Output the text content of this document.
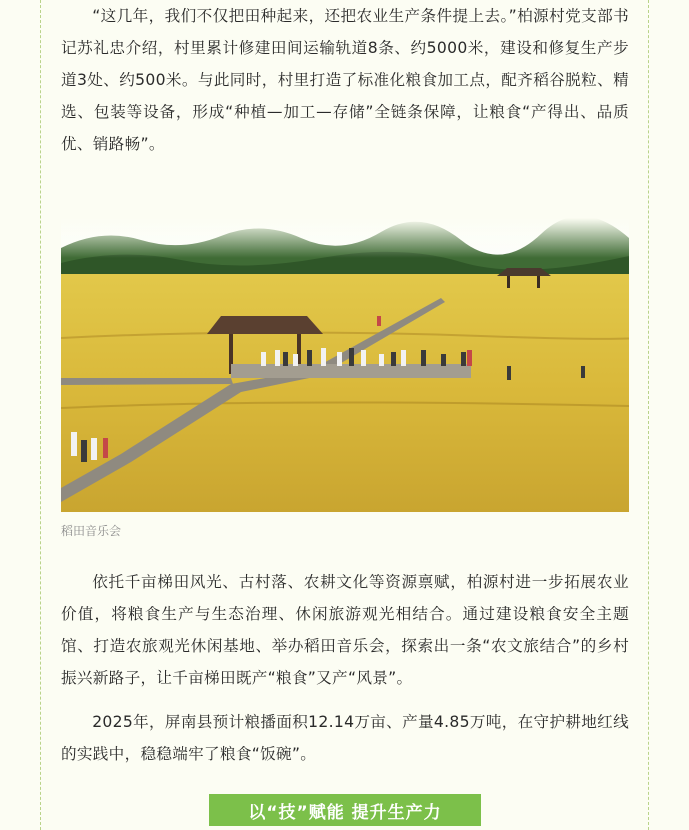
“这几年，我们不仅把田种起来，还把农业生产条件提上去。”柏源村党支部书记苏礼忠介绍，村里累计修建田间运输轨道8条、约5000米，建设和修复生产步道3处、约500米。与此同时，村里打造了标准化粮食加工点，配齐稻谷脱粒、精选、包装等设备，形成“种植—加工—存储”全链条保障，让粮食“产得出、品质优、销路畅”。

稻田音乐会

依托千亩梯田风光、古村落、农耕文化等资源禀赋，柏源村进一步拓展农业价值，将粮食生产与生态治理、休闲旅游观光相结合。通过建设粮食安全主题馆、打造农旅观光休闲基地、举办稻田音乐会，探索出一条“农文旅结合”的乡村振兴新路子，让千亩梯田既产“粮食”又产“风景”。

2025年，屏南县预计粮播面积12.14万亩、产量4.85万吨，在守护耕地红线的实践中，稳稳端牢了粮食“饭碗”。

以“技”赋能 提升生产力
